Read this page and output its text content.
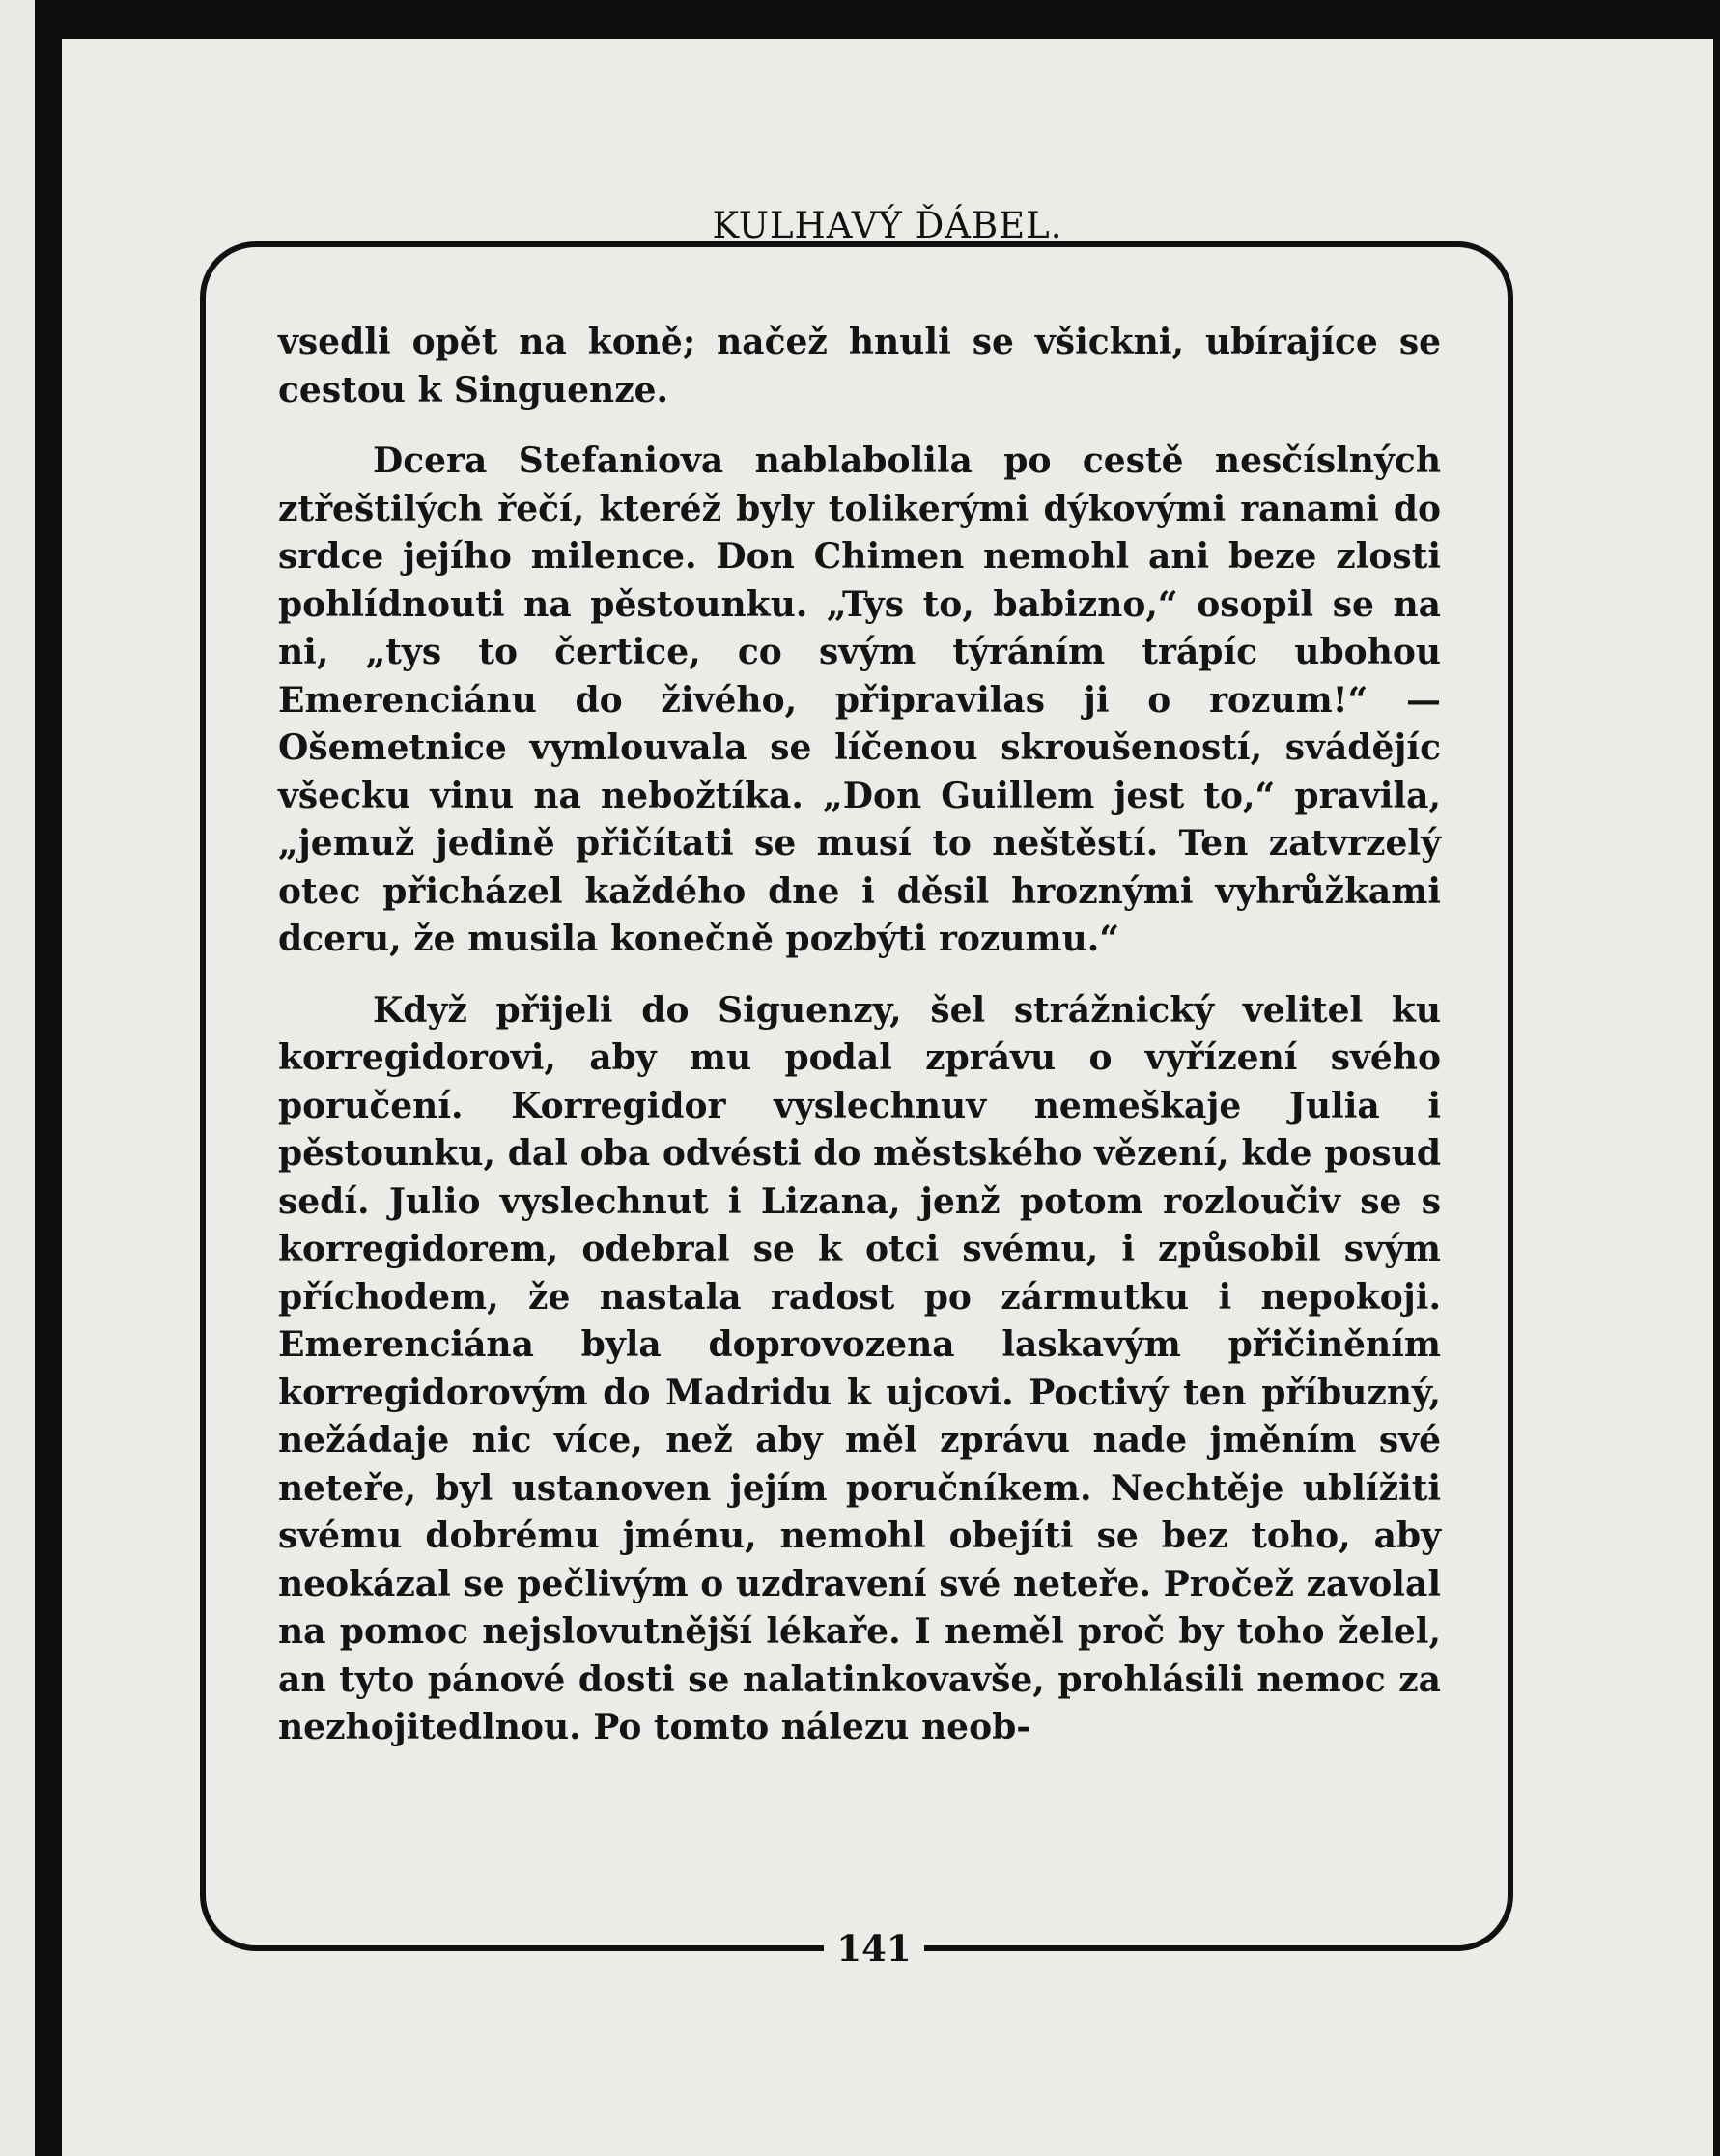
KULHAVÝ ĎÁBEL.
141

vsedli opět na koně; načež hnuli se všickni, ubírajíce se cestou k Singuenze.

Dcera Stefaniova nablabolila po cestě nesčíslných ztřeštilých řečí, kteréž byly tolikerými dýkovými ranami do srdce jejího milence. Don Chimen nemohl ani beze zlosti pohlídnouti na pěstounku. „Tys to, babizno,“ osopil se na ni, „tys to čertice, co svým týráním trápíc ubohou Emerenciánu do živého, připravilas ji o rozum!“ — Ošemetnice vymlouvala se líčenou skroušeností, svádějíc všecku vinu na nebožtíka. „Don Guillem jest to,“ pravila, „jemuž jedině přičítati se musí to neštěstí. Ten zatvrzelý otec přicházel každého dne i děsil hroznými vyhrůžkami dceru, že musila konečně pozbýti rozumu.“

Když přijeli do Siguenzy, šel strážnický velitel ku korregidorovi, aby mu podal zprávu o vyřízení svého poručení. Korregidor vyslechnuv nemeškaje Julia i pěstounku, dal oba odvésti do městského vězení, kde posud sedí. Julio vyslechnut i Lizana, jenž potom rozloučiv se s korregidorem, odebral se k otci svému, i způsobil svým příchodem, že nastala radost po zármutku i nepokoji. Emerenciána byla doprovozena laskavým přičiněním korregidorovým do Madridu k ujcovi. Poctivý ten příbuzný, nežádaje nic více, než aby měl zprávu nade jměním své neteře, byl ustanoven jejím poručníkem. Nechtěje ublížiti svému dobrému jménu, nemohl obejíti se bez toho, aby neokázal se pečlivým o uzdravení své neteře. Pročež zavolal na pomoc nejslovutnější lékaře. I neměl proč by toho želel, an tyto pánové dosti se nalatinkovavše, prohlásili nemoc za nezhojitedlnou. Po tomto nálezu neob-
